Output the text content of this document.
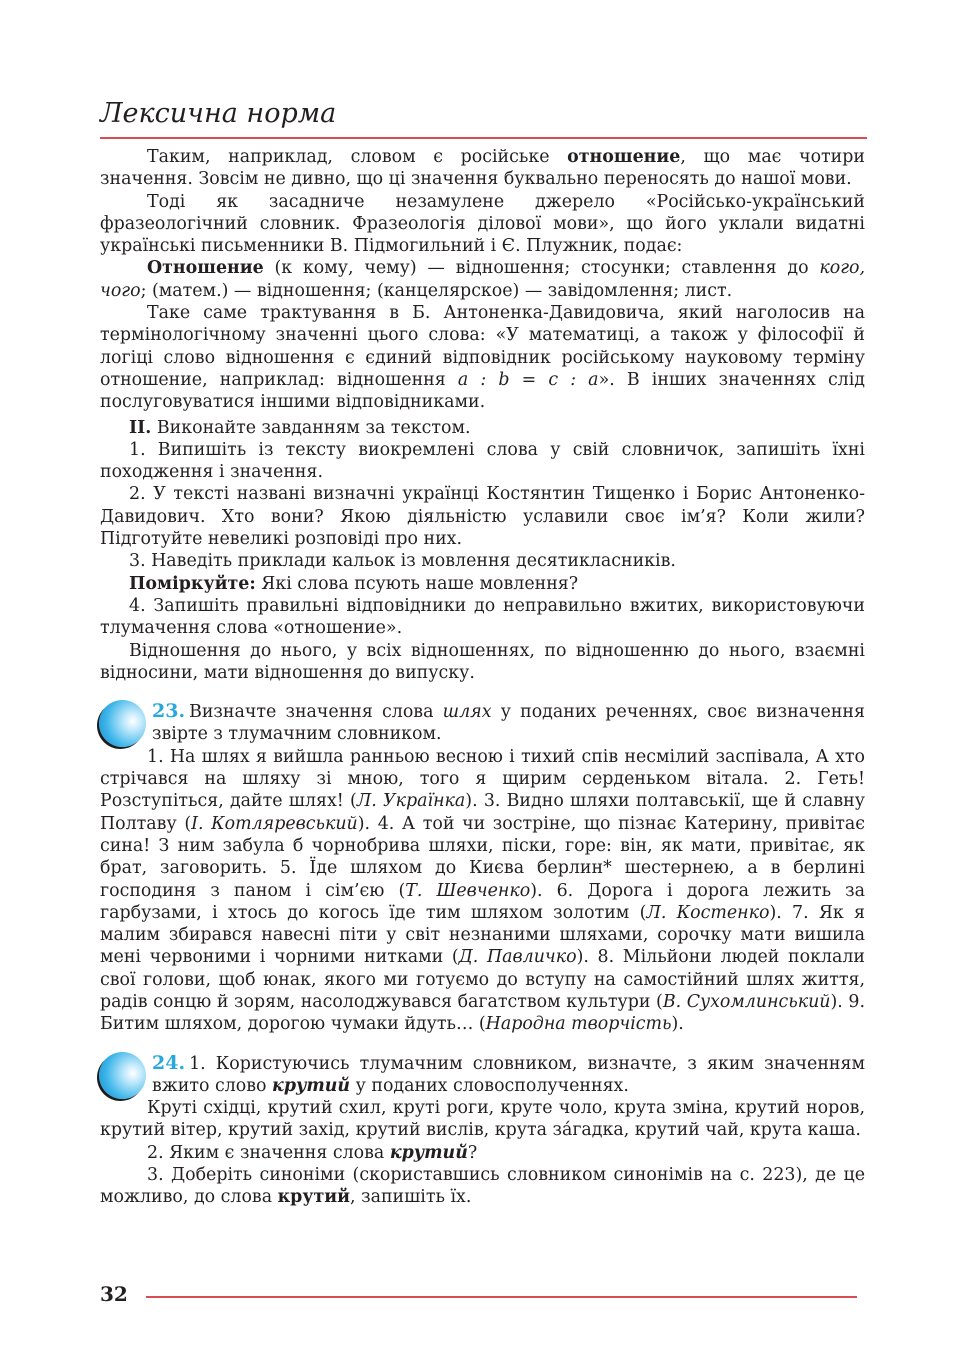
Лексична норма

Таким, наприклад, словом є російське отношение, що має чотири значення. Зовсім не дивно, що ці значення буквально переносять до нашої мови.

Тоді як засадниче незамулене джерело «Російсько-український фразеологічний словник. Фразеологія ділової мови», що його уклали видатні українські письменники В. Підмогильний і Є. Плужник, подає:

Отношение (к кому, чему) — відношення; стосунки; ставлення до кого, чого; (матем.) — відношення; (канцелярское) — завідомлення; лист.

Таке саме трактування в Б. Антоненка-Давидовича, який наголосив на термінологічному значенні цього слова: «У математиці, а також у філософії й логіці слово відношення є єдиний відповідник російському науковому терміну отношение, наприклад: відношення a : b = c : a». В інших значеннях слід послуговуватися іншими відповідниками.

II. Виконайте завданням за текстом.

1. Випишіть із тексту виокремлені слова у свій словничок, запишіть їхні походження і значення.

2. У тексті названі визначні українці Костянтин Тищенко і Борис Антоненко-Давидович. Хто вони? Якою діяльністю уславили своє ім’я? Коли жили? Підготуйте невеликі розповіді про них.

3. Наведіть приклади кальок із мовлення десятикласників.

Поміркуйте: Які слова псують наше мовлення?

4. Запишіть правильні відповідники до неправильно вжитих, використовуючи тлумачення слова «отношение».

Відношення до нього, у всіх відношеннях, по відношенню до нього, взаємні відносини, мати відношення до випуску.

23. Визначте значення слова шлях у поданих реченнях, своє визначення звірте з тлумачним словником.

1. На шлях я вийшла ранньою весною і тихий спів несмілий заспівала, А хто стрічався на шляху зі мною, того я щирим серденьком вітала. 2. Геть! Розступіться, дайте шлях! (Л. Українка). 3. Видно шляхи полтавськії, ще й славну Полтаву (І. Котляревський). 4. А той чи зостріне, що пізнає Катерину, привітає сина! З ним забула б чорнобрива шляхи, піски, горе: він, як мати, привітає, як брат, заговорить. 5. Їде шляхом до Києва берлин* шестернею, а в берлині господиня з паном і сім’єю (Т. Шевченко). 6. Дорога і дорога лежить за гарбузами, і хтось до когось їде тим шляхом золотим (Л. Костенко). 7. Як я малим збирався навесні піти у світ незнаними шляхами, сорочку мати вишила мені червоними і чорними нитками (Д. Павличко). 8. Мільйони людей поклали свої голови, щоб юнак, якого ми готуємо до вступу на самостійний шлях життя, радів сонцю й зорям, насолоджувався багатством культури (В. Сухомлинський). 9. Битим шляхом, дорогою чумаки йдуть… (Народна творчість).

24. 1. Користуючись тлумачним словником, визначте, з яким значенням вжито слово крутий у поданих словосполученнях.

Круті східці, крутий схил, круті роги, круте чоло, крута зміна, крутий норов, крутий вітер, крутий захід, крутий вислів, крута за́гадка, крутий чай, крута каша.

2. Яким є значення слова крутий?

3. Доберіть синоніми (скориставшись словником синонімів на с. 223), де це можливо, до слова крутий, запишіть їх.

32
